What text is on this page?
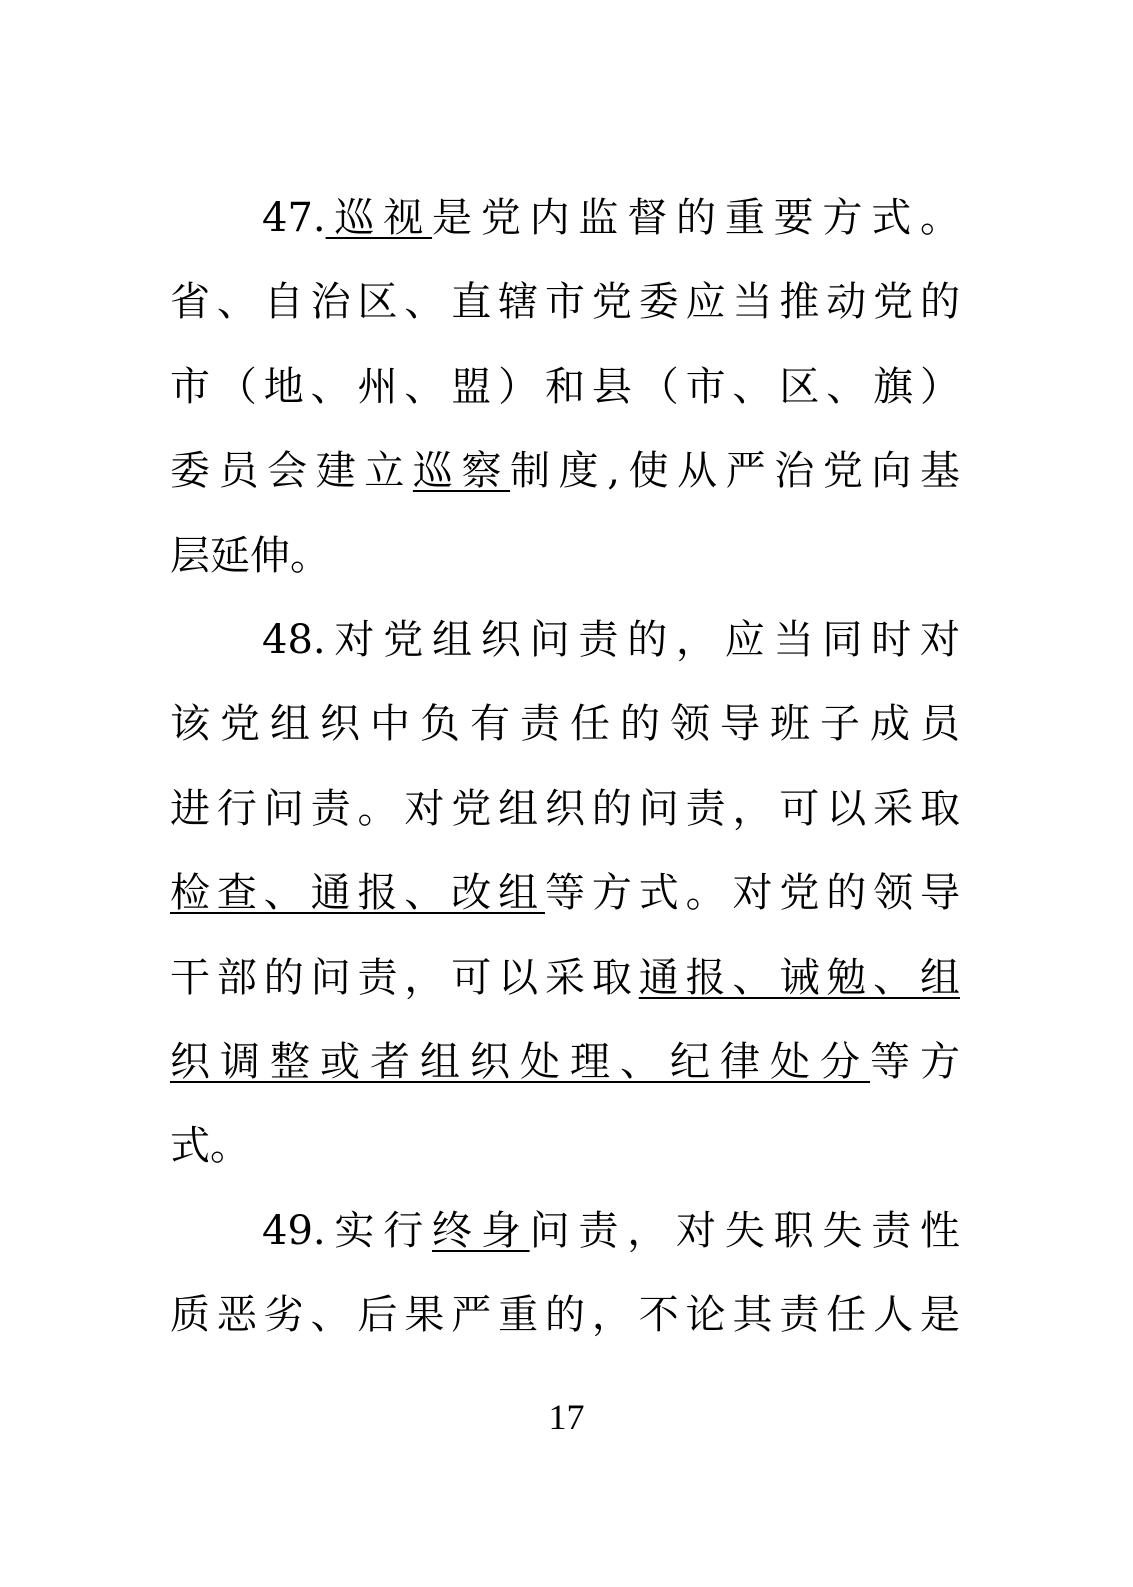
47.巡视是党内监督的重要方式。
省、自治区、直辖市党委应当推动党的
市（地、州、盟）和县（市、区、旗）
委员会建立巡察制度,使从严治党向基
层延伸。
48.对党组织问责的，应当同时对
该党组织中负有责任的领导班子成员
进行问责。对党组织的问责，可以采取
检查、通报、改组等方式。对党的领导
干部的问责，可以采取通报、诫勉、组
织调整或者组织处理、纪律处分等方
式。
49.实行终身问责，对失职失责性
质恶劣、后果严重的，不论其责任人是
17
